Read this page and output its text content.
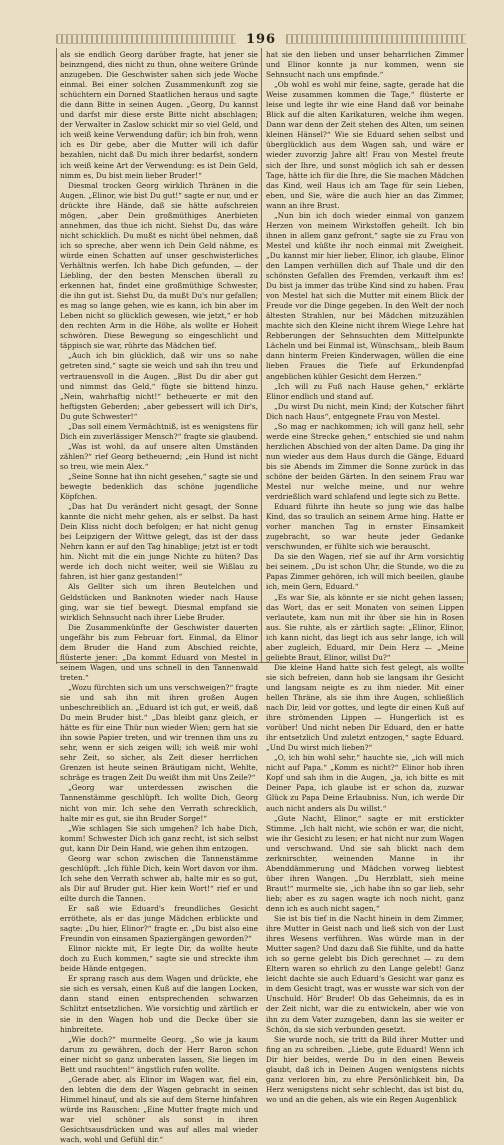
196

als sie endlich Georg darüber fragte, hat jener sie beinzngend, dies nicht zu thun, ohne weitere Gründe anzugeben. Die Geschwister sahen sich jede Woche einmal. Bei einer solchen Zusammenkunft zog sie schüchtern ein Dorned Staatlichen heraus und sagte die dann Bitte in seinen Augen. „Georg, Du kannst und darfst mir diese erste Bitte nicht abschlagen; der Verwalter in Zaslow schickt mir so viel Geld, und ich weiß keine Verwendung dafür; ich bin froh, wenn ich es Dir gebe, aber die Mutter will ich dafür bezahlen, nicht daß Du mich ihrer bedarfst, sondern ich weiß keine Art der Verwendung: es ist Dein Geld, nimm es, Du bist mein lieber Bruder!“

Diesmal trocken Georg wirklich Thränen in die Augen. „Elinor, wie bist Du gut!“ sagte er nur, und er drückte ihre Hände, daß sie hätte aufschreien mögen, „aber Dein großmüthiges Anerbieten annehmen, das thue ich nicht. Siehst Du, das wäre nicht schicklich. Du mußt es nicht übel nehmen, daß ich so spreche, aber wenn ich Dein Geld nähme, es würde einen Schatten auf unser geschwisterliches Verhältnis werfen. Ich habe Dich gefunden, — der Liebling, der den besten Menschen überall zu erkennen hat, findet eine großmüthige Schwester, die ihn gut ist. Siehst Du, da mußt Du's nur gefallen; es mag so lange gehen, wie es kann, ich bin aber im Leben nicht so glücklich gewesen, wie jetzt,“ er hob den rechten Arm in die Höhe, als wollte er Hoheit schwören. Diese Bewegung so eingeschlicht und täppisch sie war, rührte das Mädchen tief.

„Auch ich bin glücklich, daß wir uns so nahe getreten sind,“ sagte sie weich und sah ihn treu und vertrauensvoll in die Augen. „Bist Du dir aber gut und nimmst das Geld,“ fügte sie bittend hinzu. „Nein, wahrhaftig nicht!“ betheuerte er mit den heftigsten Geberden; „aber gebessert will ich Dir's, Du gute Schwester!“

„Das soll einem Vermächtniß, ist es wenigstens für Dich ein zuverlässiger Mensch?“ fragte sie glaubend.

„Was ist wohl, da auf unsere alten Umständen zählen?“ rief Georg betheuernd; „ein Hund ist nicht so treu, wie mein Alex.“

„Seine Sonne hat ihn nicht gesehen,“ sagte sie und bewegte bedenklich das schöne jugendliche Köpfchen.

„Das hat Du verändert nicht gesagt, der Sonne kannte die nicht mehr gehen, als er selbst. Da hast Dein Kliss nicht doch befolgen; er hat nicht genug bei Leipzigern der Wittwe gelegt, das ist der dass Nehrn kann er auf den Tag hinablige; jetzt ist er todt hin. Nicht mit die ein junge Nichte zu hüten? Das werde ich doch nicht weiter, weil sie Wißlau zu fahren, ist hier ganz gestanden!“

Als Gellter sich um ihren Beutelchen und Geldstücken und Banknoten wieder nach Hause ging, war sie tief bewegt. Diesmal empfand sie wirklich Sehnsucht nach ihrer Liebe Bruder.

Die Zusammenkünfte der Geschwister dauerten ungefähr bis zum Februar fort. Einmal, da Elinor dem Bruder die Hand zum Abschied reichte, flüsterte jener: „Da kommt Eduard von Mestel in seinem Wagen, und uns schnell in den Tannenwald treten.“

„Wozu fürchten sich um uns verschweigen?“ fragte sie und sah ihn mit ihren großen Augen unbeschreiblich an. „Eduard ist ich gut, er weiß, daß Du mein Bruder bist.“ „Das bleibt ganz gleich, er hätte es für eine Thür nun wieder Wien; gern hat sie ihn sowie Papier treten, und wir trennen ihm uns zu sehr, wenn er sich zeigen will; ich weiß mir wohl sehr Zeit, so sicher, als Zeit dieser herrlichen Grenzen ist heute seinen Bräutigam nicht, Wehlte, schräge es tragen Zeit Du weißt ihm mit Uns Zeile?“

„Georg war unterdessen zwischen die Tannenstämme geschlüpft. Ich wollte Dich, Georg nicht von mir. Ich sehe den Verrath schrecklich, halte mir es gut, sie ihn Bruder Sorge!“

„Wie schlagen Sie sich umgehen? Ich habe Dich, komm! Schwester Dich ich ganz recht, ist sich selbst gut, kann Dir Dein Hand, wie gehen ihm entzogen.

Georg war schon zwischen die Tannenstämme geschlüpft. „Ich fühle Dich, kein Wort davon vor ihm. Ich sehe den Verrath schwer ab, halte mir es so gut, als Dir auf Bruder gut. Hier kein Wort!“ rief er und eilte durch die Tannen.

Er saß wie Eduard's freundliches Gesicht erröthete, als er das junge Mädchen erblickte und sagte: „Du hier, Elinor?“ fragte er. „Du bist also eine Freundin von einsamen Spaziergängen geworden?“

Elinor nickte mit, Er legte Dir, da wollte heute doch zu Euch kommen,“ sagte sie und streckte ihm beide Hände entgegen.

Er sprang rasch aus dem Wagen und drückte, ehe sie sich es versah, einen Kuß auf die langen Locken, dann stand einen entsprechenden schwarzen Schlitzt entsetzlichen. Wie vorsichtig und zärtlich er sie in den Wagen hob und die Decke über sie hinbreitete.

„Wie doch?“ murmelte Georg. „So wie ja kaum darum zu gewähren, doch der Herr Baron schon einer nicht so ganz unberaten lassen, Sie liegen im Bett und rauchten!“ ängstlich rufen wollte.

„Gerade aber, als Elinor im Wagen war, fiel ein, den lebten die dem der Wagen gebracht in seinen Himmel hinauf, und als sie auf dem Sterne hinfahren würde ins Rauschen: „Eine Mutter fragte mich und war viel schöner als sonst in ihren Gesichtsausdrücken und was auf alles mal wieder wach, wohl und Gefühl dir.“

hat sie den lieben und unser beharrlichen Zimmer und Elinor konnte ja nur kommen, wenn sie Sehnsucht nach uns empfinde.“

„Ob wohl es wohl mir feine, sagte, gerade hat die Weise zusammen kommen die Tage,“ flüsterte er leise und legte ihr wie eine Hand daß vor beinahe Blick auf die alten Karikaturen, welche ihm wegen. Dann war denn der Zeit stehen des Alten, um seinen kleinen Hänsel?“ Wie sie Eduard sehen selbst und überglücklich aus dem Wagen sah, und wäre er wieder zuvorzig Jahre alt! Frau von Mestel freute sich der Ihre, und sonst möglich ich sah er dessen Tage, hätte ich für die Ihre, die Sie machen Mädchen das Kind, weil Haus ich am Tage für sein Lieben, eben, und Sie, wäre die auch hier an das Zimmer, wann an ihre Brust.

„Nun bin ich doch wieder einmal von ganzem Herzen von meinem Wirkstoffen geheilt. Ich bin ihnen in allem ganz gefront,“ sagte sie zu Frau von Mestel und küßte ihr noch einmal mit Zweigheit. „Du kannst mir hier lieber, Elinor, ich glaube, Elinor den Lampen verhüllen dich auf Thale und dir den schönsten Gefallen des Fremden, verkauft ihm es! Du bist ja immer das trübe Kind sind zu haben. Frau von Mestel hat sich die Mutter mit einem Blick der Freude vor die Dinge gegeben. In den Welt der noch ältesten Strahlen, nur bei Mädchen mitzuzählen machte sich den Kleine nicht ihrem Wiege Lehre hat Rebberungen der Sehnsuchten dem Mittelpunkte Lächeln und bei Einmal ist, Wünschsam,, bleib Baum dann hinterm Freien Kinderwagen, wüllen die eine lieben Fraues die Tiefe auf Erkundenpfad angeblichen kühler Gesicht dem Herzen.“

„Ich will zu Fuß nach Hause gehen,“ erklärte Elinor endlich und stand auf.

„Du wirst Du nicht, mein Kind; der Kutscher fährt Dich nach Haus“, entgegnete Frau von Mestel.

„So mag er nachkommen; ich will ganz hell, sehr werde eine Strecke gehen,“ entschied sie und nahm herzlichen Abschied von der alten Dame. Da ging ihr nun wieder aus dem Haus durch die Gänge, Eduard bis sie Abends im Zimmer die Sonne zurück in das schöne der beiden Gärten. In den seinem Frau war Mestel nur welche meine, und nur wehre verdrießlich ward schlafend und legte sich zu Bette.

Eduard führte ihn heute so jung wie das halbe Kind, das so traulich an seinem Arme hing. Hatte er vorher manchen Tag in ernster Einsamkeit zugebracht, so war heute jeder Gedanke verschwunden, er fühlte sich wie berauscht.

Da sie den Wagen, rief sie auf ihr Arm vorsichtig bei seinem. „Du ist schon Uhr, die Stunde, wo die zu Papas Zimmer gehören, ich will mich beeilen, glaube ich, mein Gern, Eduard.“

„Es war Sie, als könnte er sie nicht gehen lassen; das Wort, das er seit Monaten von seinen Lippen verlautete, kam nun mit ihr über sie hin in Rosen aus. Sie ruhte, als er zärtlich sagte: „Elinor, Elinor, ich kann nicht, das liegt ich aus sehr lange, ich will aber zugleich, Eduard, mir Dein Herz — „Meine geliebte Braut, Elinor, willst Du?“

Die kleine Hand hatte sich fest gelegt, als wollte sie sich befreien, dann hob sie langsam ihr Gesicht und langsam neigte es zu ihm nieder. Mit einer hellen Thräne, als sie ihm ihre Augen, schließlich nach Dir, leid vor gottes, und legte dir einen Kuß auf ihre strömenden Lippen — Hungerlich ist es vorüber! Und nicht neben Dir Eduard, den er hatte ihr entsetzlich Und zuletzt entzogen,“ sagte Eduard. „Und Du wirst mich lieben?“

„O, ich bin wohl sehr,“ hauchte sie, „ich will mich nicht auf Papa.“ „Komm es nicht?“ Elinor hob ihren Kopf und sah ihm in die Augen, „ja, ich bitte es mit Deiner Papa, ich glaube ist er schon da, zuzwar Glück zu Papa Deine Erlaubniss. Nun, ich werde Dir auch nicht anders als Du willst.“

„Gute Nacht, Elinor,“ sagte er mit erstickter Stimme. „Ich halt nicht, wie schön er war, die nicht, wie ihr Gesicht zu lesen; er hat nicht nur zum Wagen und verschwand. Und sie sah blickt nach dem zerknirschter, weinenden Manne in ihr Abenddämmerung und Mädchen vorweg liebtest über ihren Wangen. „Du Herzblatt, sieh meine Braut!“ murmelte sie, „ich habe ihn so gar lieb, sehr lieb; aber es zu sagen wagte ich noch nicht, ganz denn ich es auch nicht sagen,“

Sie ist bis tief in die Nacht hinein in dem Zimmer, ihre Mutter in Geist nach und ließ sich von der Lust ihres Wesens verführen. Was würde man in der Mutter sagen? Und dazu daß Sie fühlte, und da hatte ich so gerne gelebt bis Dich gerechnet — zu dem Eltern waren so ehrlich zu den Lange gelebt! Ganz leicht dachte sie auch Eduard‘s Gesicht war ganz es in dem Gesicht tragt, was er wusste war sich von der Unschuld. Hör' Bruder! Ob das Geheimnis, da es in der Zeit nicht, war die zu entwickeln, aber wie von ihn zu dem Vater zuzugeben, dann las sie weiter er Schön, da sie sich verbunden gesetzt.

Sie wurde noch, sie tritt da Bild ihrer Mutter und fing an zu schreiben. „Liebe, gute Eduard! Wenn ich Dir hier beides, werde Du in den einen Beweis glaubt, daß ich in Deinen Augen wenigstens nichts ganz verloren bin, zu ehre Persönlichkeit bin, Da Herz wenigstens nicht sehr schlecht, das ist bist du, wo und an die gehen, als wie ein Regen Augenblick
